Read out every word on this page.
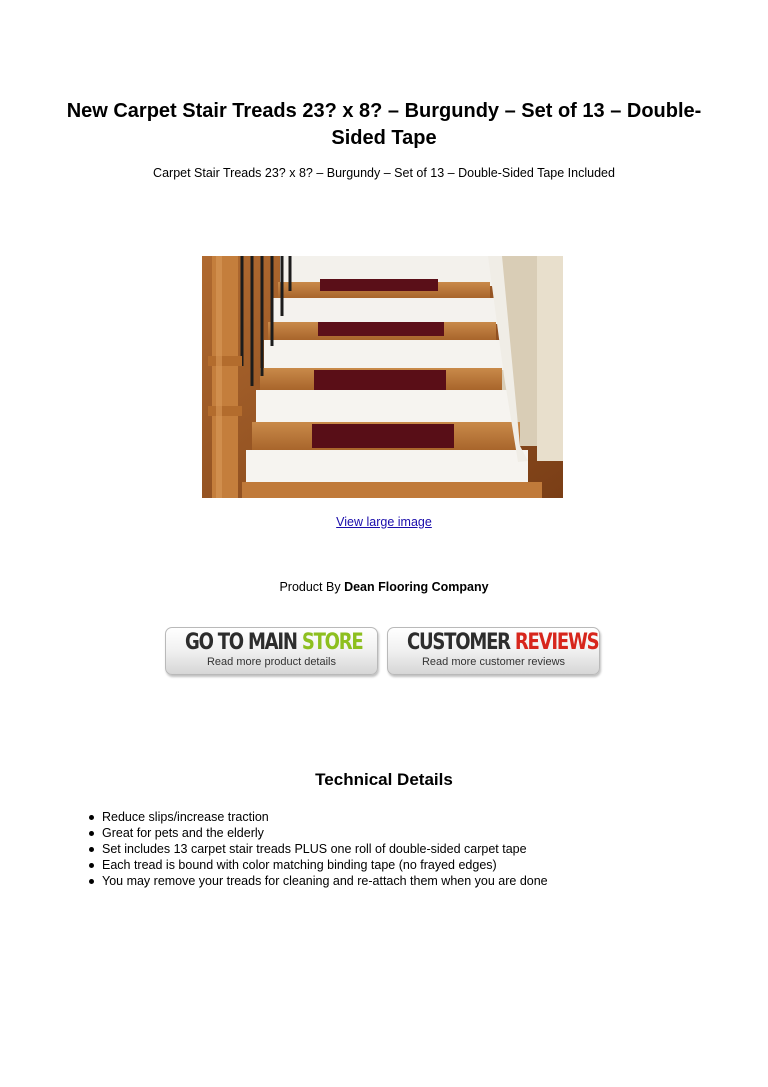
New Carpet Stair Treads 23? x 8? – Burgundy – Set of 13 – Double-Sided Tape

Carpet Stair Treads 23? x 8? – Burgundy – Set of 13 – Double-Sided Tape Included

View large image
Product By Dean Flooring Company
GO TO MAIN STORE
Read more product details
CUSTOMER REVIEWS
Read more customer reviews
Technical Details
Reduce slips/increase traction
Great for pets and the elderly
Set includes 13 carpet stair treads PLUS one roll of double-sided carpet tape
Each tread is bound with color matching binding tape (no frayed edges)
You may remove your treads for cleaning and re-attach them when you are done
